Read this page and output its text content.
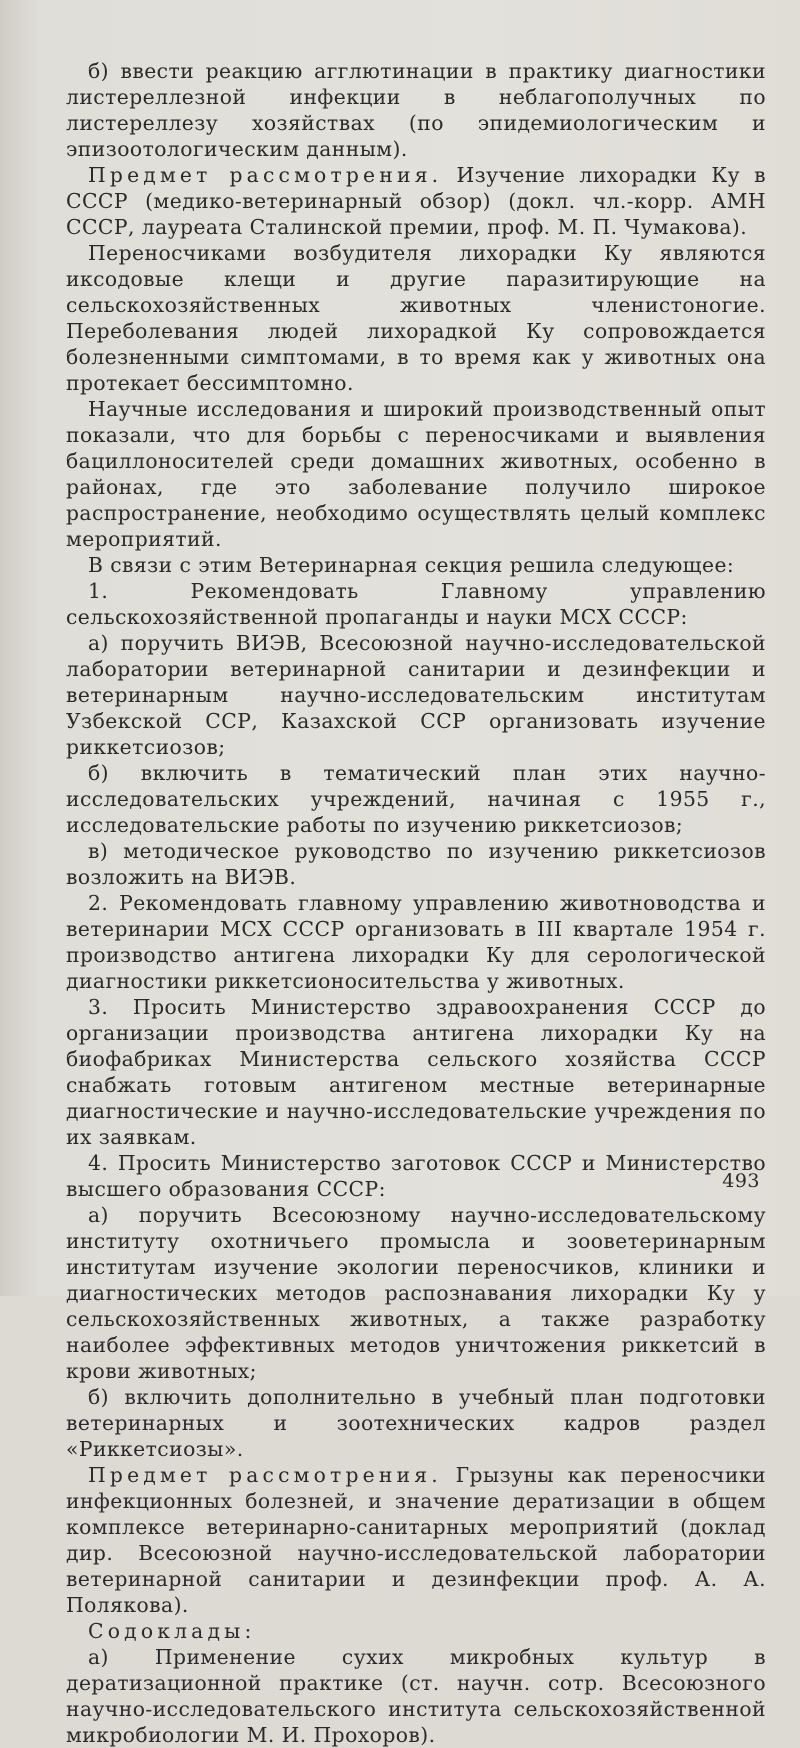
б) ввести реакцию агглютинации в практику диагностики листереллезной инфекции в неблагополучных по листереллезу хозяйствах (по эпидемиологическим и эпизоотологическим данным).

Предмет рассмотрения. Изучение лихорадки Ку в СССР (медико-ветеринарный обзор) (докл. чл.-корр. АМН СССР, лауреата Сталинской премии, проф. М. П. Чумакова).

Переносчиками возбудителя лихорадки Ку являются иксодовые клещи и другие паразитирующие на сельскохозяйственных животных членистоногие. Переболевания людей лихорадкой Ку сопровождается болезненными симптомами, в то время как у животных она протекает бессимптомно.

Научные исследования и широкий производственный опыт показали, что для борьбы с переносчиками и выявления бациллоносителей среди домашних животных, особенно в районах, где это заболевание получило широкое распространение, необходимо осуществлять целый комплекс мероприятий.

В связи с этим Ветеринарная секция решила следующее:

1. Рекомендовать Главному управлению сельскохозяйственной пропаганды и науки МСХ СССР:

а) поручить ВИЭВ, Всесоюзной научно-исследовательской лаборатории ветеринарной санитарии и дезинфекции и ветеринарным научно-исследовательским институтам Узбекской ССР, Казахской ССР организовать изучение риккетсиозов;

б) включить в тематический план этих научно-исследовательских учреждений, начиная с 1955 г., исследовательские работы по изучению риккетсиозов;

в) методическое руководство по изучению риккетсиозов возложить на ВИЭВ.

2. Рекомендовать главному управлению животноводства и ветеринарии МСХ СССР организовать в III квартале 1954 г. производство антигена лихорадки Ку для серологической диагностики риккетсионосительства у животных.

3. Просить Министерство здравоохранения СССР до организации производства антигена лихорадки Ку на биофабриках Министерства сельского хозяйства СССР снабжать готовым антигеном местные ветеринарные диагностические и научно-исследовательские учреждения по их заявкам.

4. Просить Министерство заготовок СССР и Министерство высшего образования СССР:

а) поручить Всесоюзному научно-исследовательскому институту охотничьего промысла и зооветеринарным институтам изучение экологии переносчиков, клиники и диагностических методов распознавания лихорадки Ку у сельскохозяйственных животных, а также разработку наиболее эффективных методов уничтожения риккетсий в крови животных;

б) включить дополнительно в учебный план подготовки ветеринарных и зоотехнических кадров раздел «Риккетсиозы».

Предмет рассмотрения. Грызуны как переносчики инфекционных болезней, и значение дератизации в общем комплексе ветеринарно-санитарных мероприятий (доклад дир. Всесоюзной научно-исследовательской лаборатории ветеринарной санитарии и дезинфекции проф. А. А. Полякова).

Содоклады:

а) Применение сухих микробных культур в дератизационной практике (ст. научн. сотр. Всесоюзного научно-исследовательского института сельскохозяйственной микробиологии М. И. Прохоров).

493
